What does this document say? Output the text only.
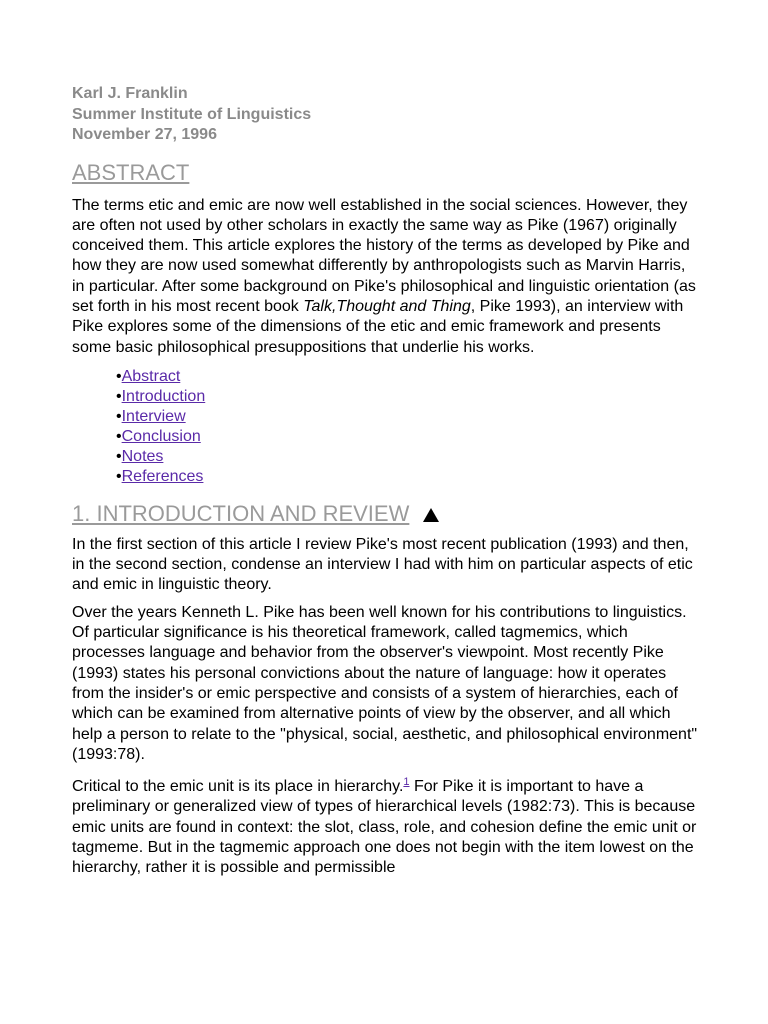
Karl J. Franklin
Summer Institute of Linguistics
November 27, 1996
ABSTRACT

The terms etic and emic are now well established in the social sciences. However, they are often not used by other scholars in exactly the same way as Pike (1967) originally conceived them. This article explores the history of the terms as developed by Pike and how they are now used somewhat differently by anthropologists such as Marvin Harris, in particular. After some background on Pike's philosophical and linguistic orientation (as set forth in his most recent book Talk,Thought and Thing, Pike 1993), an interview with Pike explores some of the dimensions of the etic and emic framework and presents some basic philosophical presuppositions that underlie his works.

•Abstract
•Introduction
•Interview
•Conclusion
•Notes
•References
1. INTRODUCTION AND REVIEW

In the first section of this article I review Pike's most recent publication (1993) and then, in the second section, condense an interview I had with him on particular aspects of etic and emic in linguistic theory.

Over the years Kenneth L. Pike has been well known for his contributions to linguistics. Of particular significance is his theoretical framework, called tagmemics, which processes language and behavior from the observer's viewpoint. Most recently Pike (1993) states his personal convictions about the nature of language: how it operates from the insider's or emic perspective and consists of a system of hierarchies, each of which can be examined from alternative points of view by the observer, and all which help a person to relate to the "physical, social, aesthetic, and philosophical environment" (1993:78).

Critical to the emic unit is its place in hierarchy.$^1$ For Pike it is important to have a preliminary or generalized view of types of hierarchical levels (1982:73). This is because emic units are found in context: the slot, class, role, and cohesion define the emic unit or tagmeme. But in the tagmemic approach one does not begin with the item lowest on the hierarchy, rather it is possible and permissible
